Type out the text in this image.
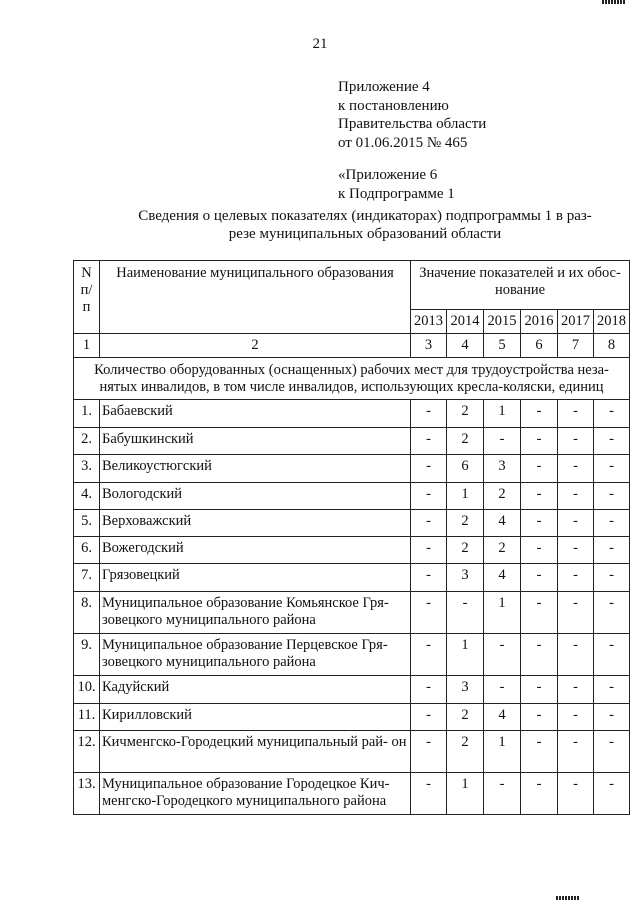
21
Приложение 4
к постановлению
Правительства области
от 01.06.2015 № 465
«Приложение 6
к Подпрограмме 1
Сведения о целевых показателях (индикаторах) подпрограммы 1 в раз-
резе муниципальных образований области
N п/ п	Наименование муниципального образования	Значение показателей и их обос- нование					
		2013	2014	2015	2016	2017	2018
1	2	3	4	5	6	7	8
Количество оборудованных (оснащенных) рабочих мест для трудоустройства неза- нятых инвалидов, в том числе инвалидов, использующих кресла-коляски, единиц							
1.	Бабаевский	-	2	1	-	-	-
2.	Бабушкинский	-	2	-	-	-	-
3.	Великоустюгский	-	6	3	-	-	-
4.	Вологодский	-	1	2	-	-	-
5.	Верховажский	-	2	4	-	-	-
6.	Вожегодский	-	2	2	-	-	-
7.	Грязовецкий	-	3	4	-	-	-
8.	Муниципальное образование Комьянское Гря- зовецкого муниципального района	-	-	1	-	-	-
9.	Муниципальное образование Перцевское Гря- зовецкого муниципального района	-	1	-	-	-	-
10.	Кадуйский	-	3	-	-	-	-
11.	Кирилловский	-	2	4	-	-	-
12.	Кичменгско-Городецкий муниципальный рай- он	-	2	1	-	-	-
13.	Муниципальное образование Городецкое Кич- менгско-Городецкого муниципального района	-	1	-	-	-	-
